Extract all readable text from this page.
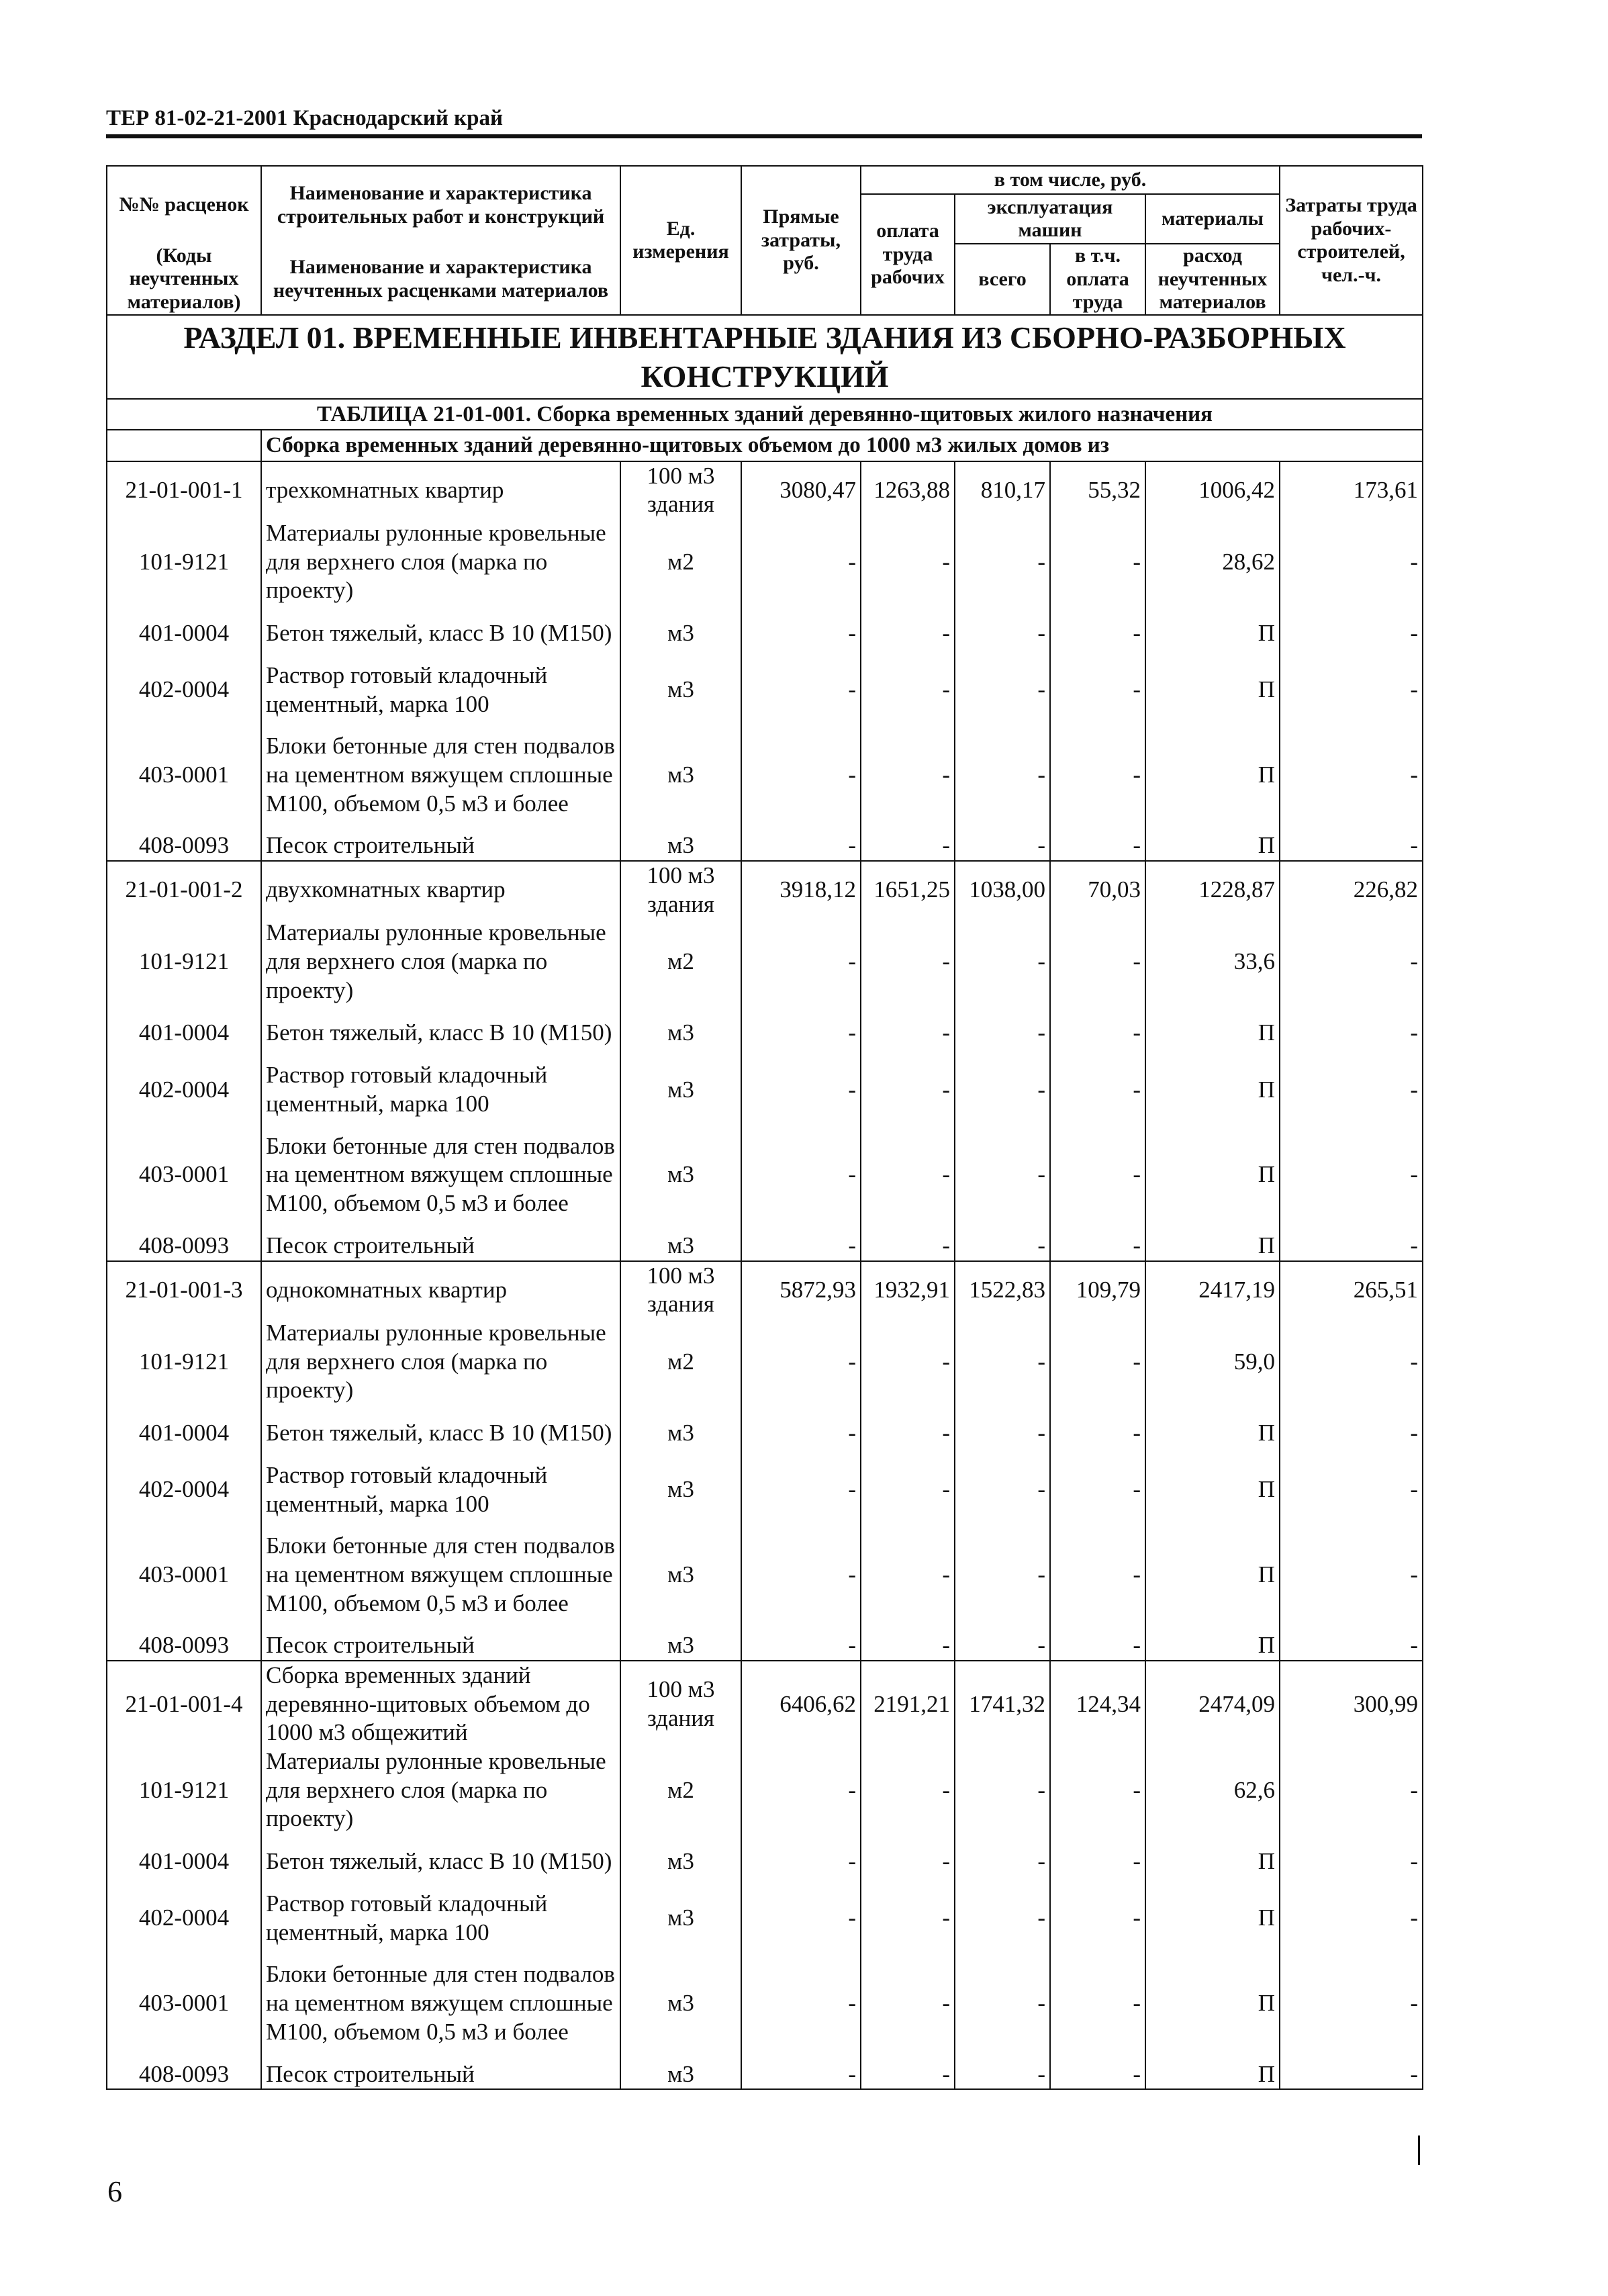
ТЕР 81-02-21-2001 Краснодарский край
№№ расценок	Наименование и характеристика строительных работ и конструкций	Ед. измерения	Прямые затраты, руб.	в том числе, руб.				Затраты труда рабочих-строителей, чел.-ч.
				оплата труда рабочих	эксплуатация машин		материалы	

(Коды неучтенных материалов)	Наименование и характеристика неучтенных расценками материалов				всего	в т.ч. оплата труда	расход неучтенных материалов	

РАЗДЕЛ 01. ВРЕМЕННЫЕ ИНВЕНТАРНЫЕ ЗДАНИЯ ИЗ СБОРНО-РАЗБОРНЫХ КОНСТРУКЦИЙ								
ТАБЛИЦА 21-01-001. Сборка временных зданий деревянно-щитовых жилого назначения								
	Сборка временных зданий деревянно-щитовых объемом до 1000 м3 жилых домов из							
21-01-001-1	трехкомнатных квартир	100 м3 здания	3080,47	1263,88	810,17	55,32	1006,42	173,61
101-9121	Материалы рулонные кровельные для верхнего слоя (марка по проекту)	м2	-	-	-	-	28,62	-
401-0004	Бетон тяжелый, класс В 10 (М150)	м3	-	-	-	-	П	-
402-0004	Раствор готовый кладочный цементный, марка 100	м3	-	-	-	-	П	-
403-0001	Блоки бетонные для стен подвалов на цементном вяжущем сплошные М100, объемом 0,5 м3 и более	м3	-	-	-	-	П	-
408-0093	Песок строительный	м3	-	-	-	-	П	-
21-01-001-2	двухкомнатных квартир	100 м3 здания	3918,12	1651,25	1038,00	70,03	1228,87	226,82
101-9121	Материалы рулонные кровельные для верхнего слоя (марка по проекту)	м2	-	-	-	-	33,6	-
401-0004	Бетон тяжелый, класс В 10 (М150)	м3	-	-	-	-	П	-
402-0004	Раствор готовый кладочный цементный, марка 100	м3	-	-	-	-	П	-
403-0001	Блоки бетонные для стен подвалов на цементном вяжущем сплошные М100, объемом 0,5 м3 и более	м3	-	-	-	-	П	-
408-0093	Песок строительный	м3	-	-	-	-	П	-
21-01-001-3	однокомнатных квартир	100 м3 здания	5872,93	1932,91	1522,83	109,79	2417,19	265,51
101-9121	Материалы рулонные кровельные для верхнего слоя (марка по проекту)	м2	-	-	-	-	59,0	-
401-0004	Бетон тяжелый, класс В 10 (М150)	м3	-	-	-	-	П	-
402-0004	Раствор готовый кладочный цементный, марка 100	м3	-	-	-	-	П	-
403-0001	Блоки бетонные для стен подвалов на цементном вяжущем сплошные М100, объемом 0,5 м3 и более	м3	-	-	-	-	П	-
408-0093	Песок строительный	м3	-	-	-	-	П	-
21-01-001-4	Сборка временных зданий деревянно-щитовых объемом до 1000 м3 общежитий	100 м3 здания	6406,62	2191,21	1741,32	124,34	2474,09	300,99
101-9121	Материалы рулонные кровельные для верхнего слоя (марка по проекту)	м2	-	-	-	-	62,6	-
401-0004	Бетон тяжелый, класс В 10 (М150)	м3	-	-	-	-	П	-
402-0004	Раствор готовый кладочный цементный, марка 100	м3	-	-	-	-	П	-
403-0001	Блоки бетонные для стен подвалов на цементном вяжущем сплошные М100, объемом 0,5 м3 и более	м3	-	-	-	-	П	-
408-0093	Песок строительный	м3	-	-	-	-	П	-
6
